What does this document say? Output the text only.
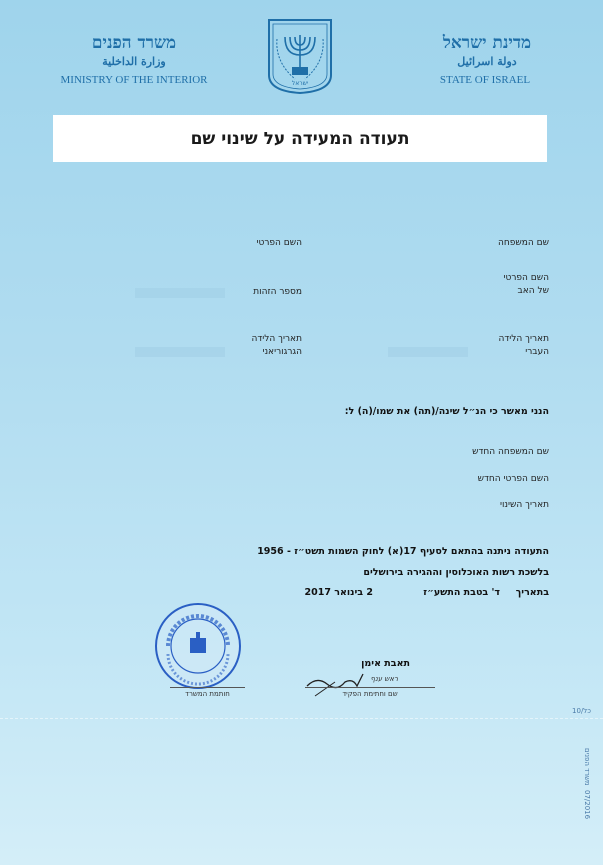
מדינת ישראל
دولة اسرائيل
STATE OF ISRAEL
משרד הפנים
وزارة الداخلية
MINISTRY OF THE INTERIOR	ישראל
תעודה המעידה על שינוי שם
שם המשפחה
השם הפרטי
של האב
תאריך הלידה
העברי
השם הפרטי
מספר הזהות
תאריך הלידה
הגרגוריאני
הנני מאשר כי הנ״ל שינה/(תה) את שמו/(ה) ל:
שם המשפחה החדש
השם הפרטי החדש
תאריך השינוי
התעודה ניתנה בהתאם לסעיף 17(א) לחוק השמות תשט״ז - 1956
בלשכת רשות האוכלוסין וההגירה בירושלים
בתאריך
ד' בטבת התשע״ז
2 בינואר 2017
תאבת אימן
ראש ענף
שם וחתימת הפקיד
חותמת המשרד
כל/10
משרד הפנים
07/2016
